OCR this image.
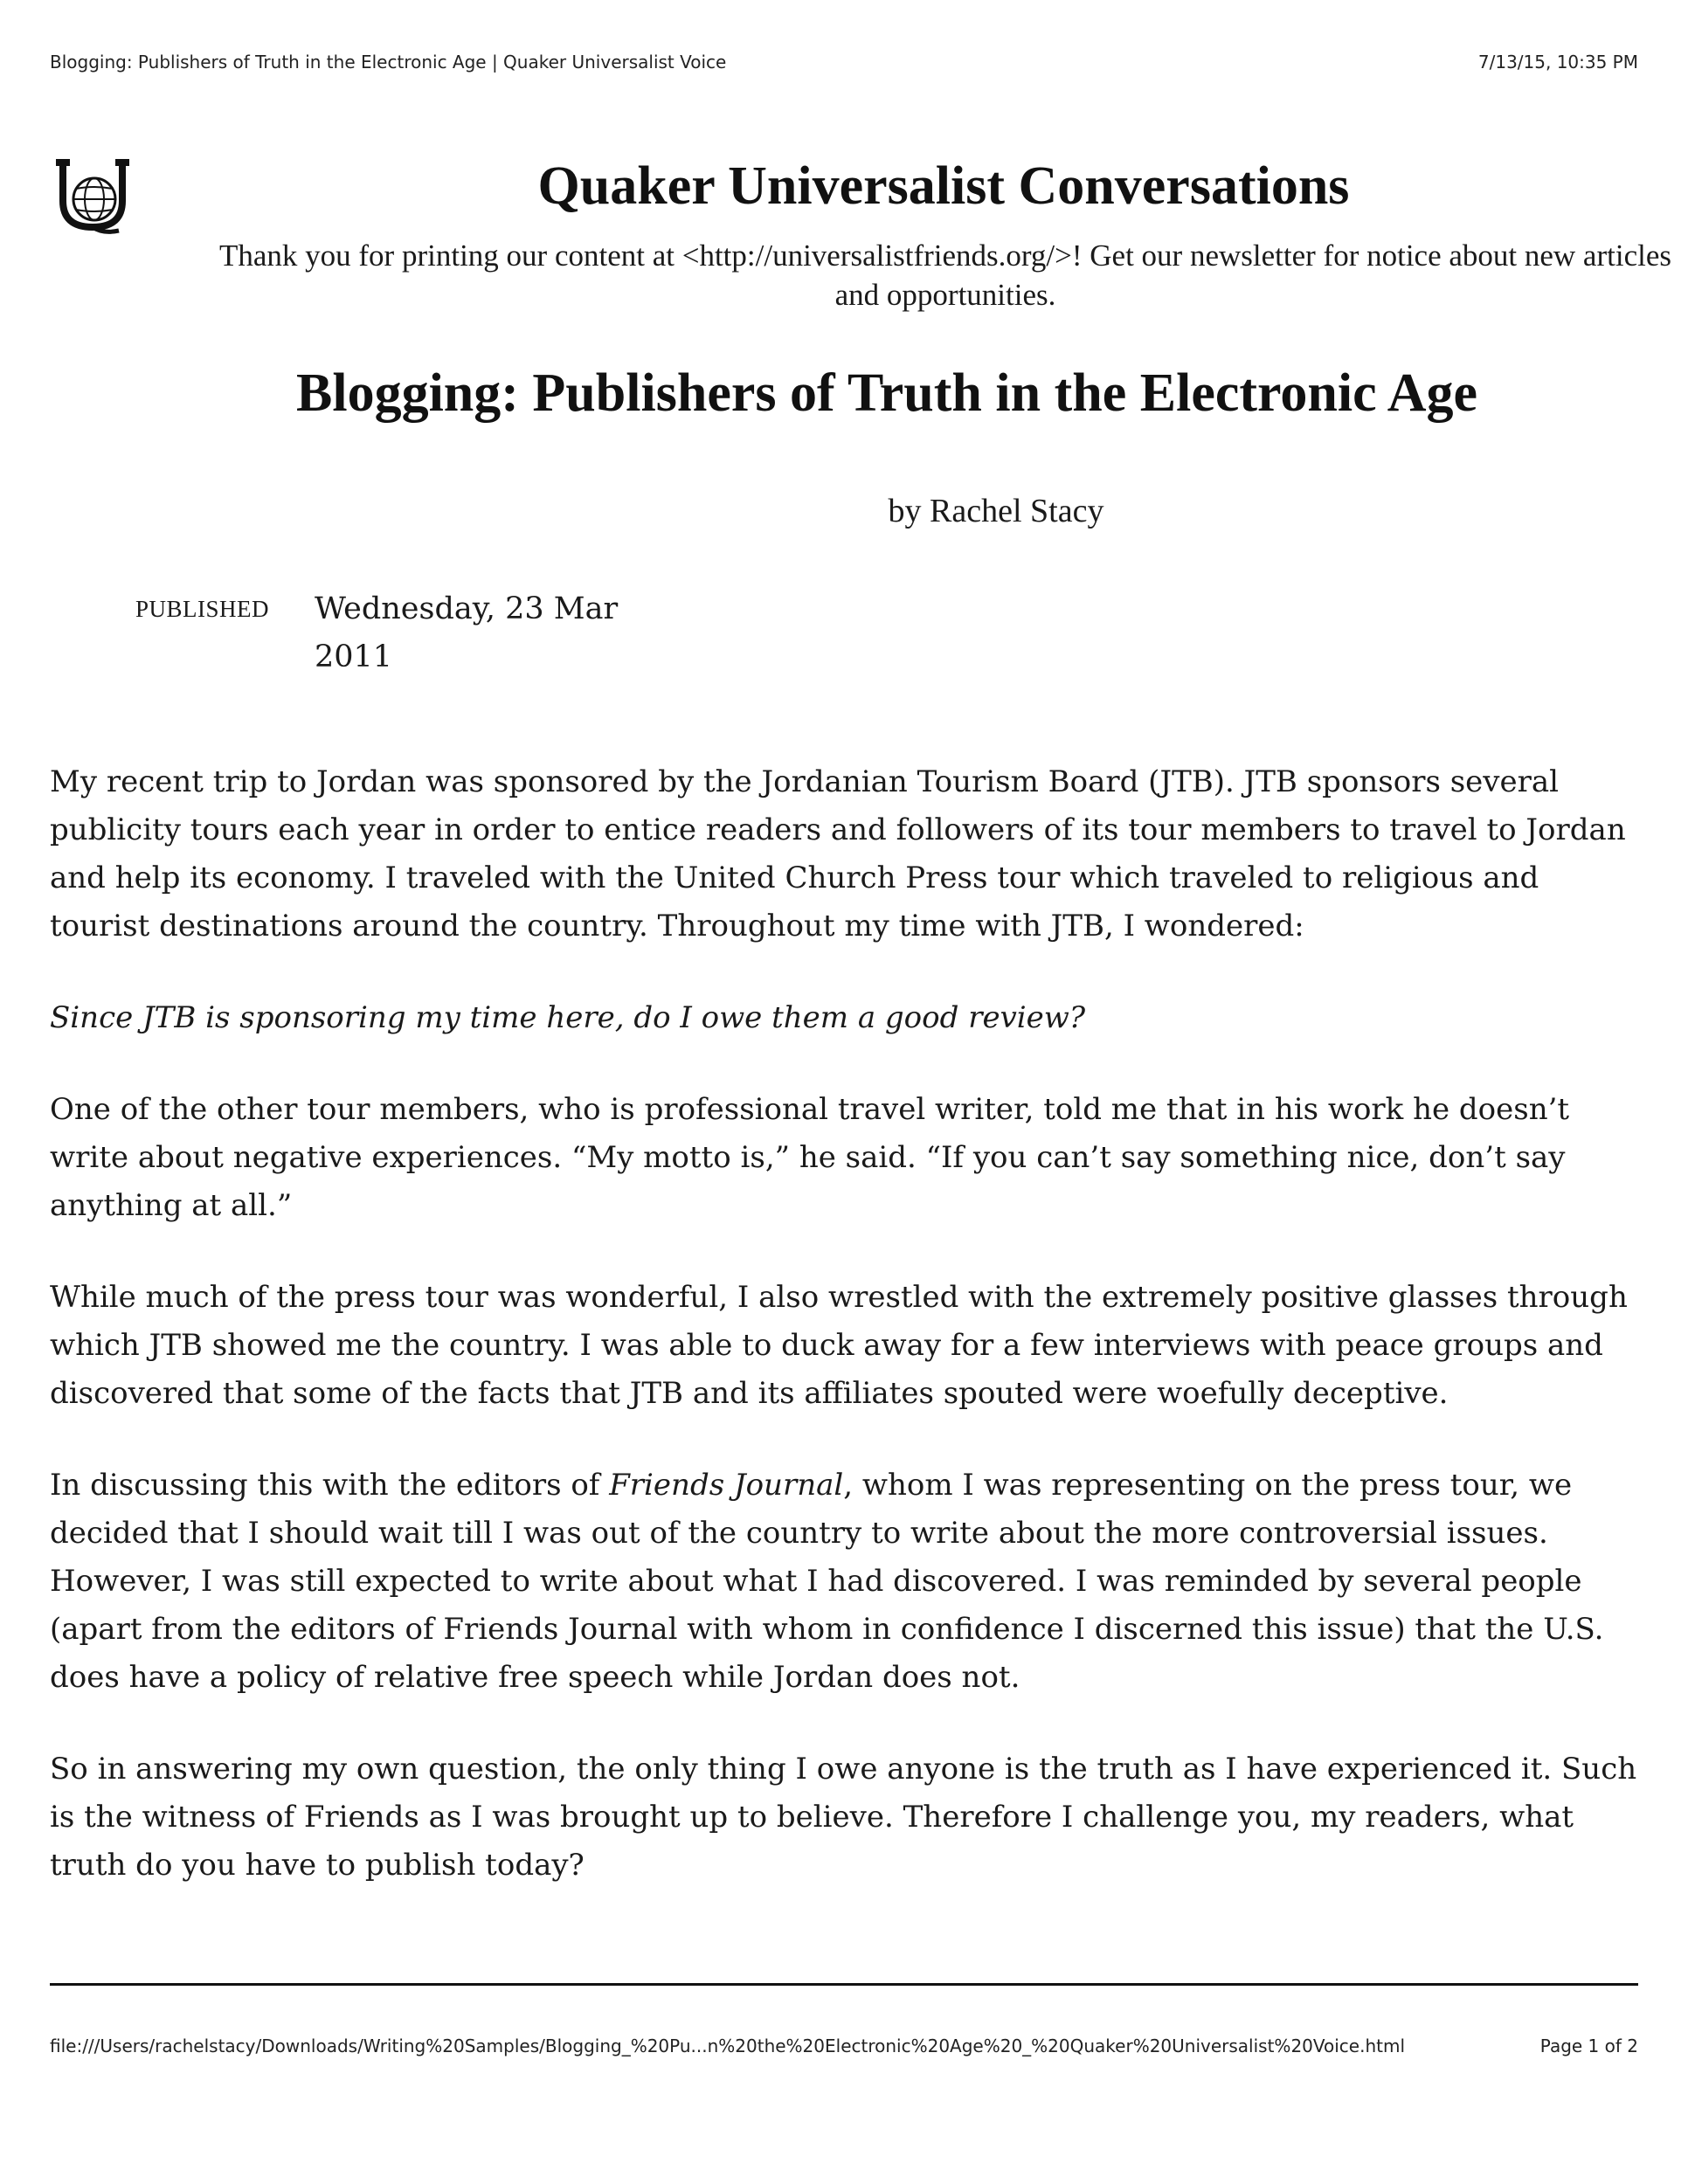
Blogging: Publishers of Truth in the Electronic Age | Quaker Universalist Voice	7/13/15, 10:35 PM
Quaker Universalist Conversations
Thank you for printing our content at <http://universalistfriends.org/>! Get our newsletter for notice about new articles and opportunities.
Blogging: Publishers of Truth in the Electronic Age
by Rachel Stacy
PUBLISHED Wednesday, 23 Mar
2011

My recent trip to Jordan was sponsored by the Jordanian Tourism Board (JTB). JTB sponsors several publicity tours each year in order to entice readers and followers of its tour members to travel to Jordan and help its economy. I traveled with the United Church Press tour which traveled to religious and tourist destinations around the country. Throughout my time with JTB, I wondered:

Since JTB is sponsoring my time here, do I owe them a good review?

One of the other tour members, who is professional travel writer, told me that in his work he doesn’t write about negative experiences. “My motto is,” he said. “If you can’t say something nice, don’t say anything at all.”

While much of the press tour was wonderful, I also wrestled with the extremely positive glasses through which JTB showed me the country. I was able to duck away for a few interviews with peace groups and discovered that some of the facts that JTB and its affiliates spouted were woefully deceptive.

In discussing this with the editors of Friends Journal, whom I was representing on the press tour, we decided that I should wait till I was out of the country to write about the more controversial issues. However, I was still expected to write about what I had discovered. I was reminded by several people (apart from the editors of Friends Journal with whom in confidence I discerned this issue) that the U.S. does have a policy of relative free speech while Jordan does not.

So in answering my own question, the only thing I owe anyone is the truth as I have experienced it. Such is the witness of Friends as I was brought up to believe. Therefore I challenge you, my readers, what truth do you have to publish today?

file:///Users/rachelstacy/Downloads/Writing%20Samples/Blogging_%20Pu...n%20the%20Electronic%20Age%20_%20Quaker%20Universalist%20Voice.html	Page 1 of 2
